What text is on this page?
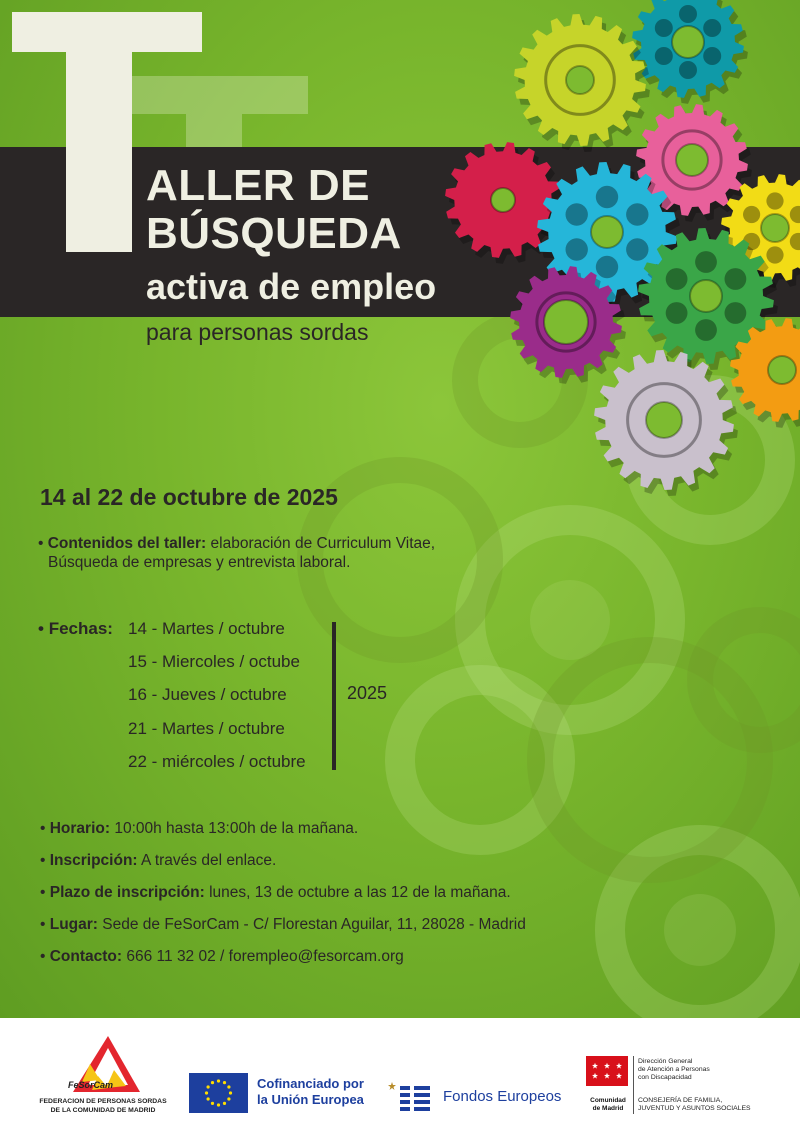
ALLER DE
BÚSQUEDA
activa de empleo
para personas sordas
14 al 22 de octubre de 2025
• Contenidos del taller: elaboración de Curriculum Vitae,
Búsqueda de empresas y entrevista laboral.
• Fechas: 14 - Martes / octubre
15 - Miercoles / octube
16 - Jueves / octubre
21 - Martes / octubre
22 - miércoles / octubre
2025
• Horario: 10:00h hasta 13:00h de la mañana.
• Inscripción: A través del enlace.
• Plazo de inscripción: lunes, 13 de octubre a las 12 de la mañana.
• Lugar: Sede de FeSorCam - C/ Florestan Aguilar, 11, 28028 - Madrid
• Contacto: 666 11 32 02 / forempleo@fesorcam.org
FeSorCam
FEDERACION DE PERSONAS SORDAS
DE LA COMUNIDAD DE MADRID
Cofinanciado por
la Unión Europea	Fondos Europeos	Comunidad
de Madrid
Dirección General
de Atención a Personas
con Discapacidad
CONSEJERÍA DE FAMILIA,
JUVENTUD Y ASUNTOS SOCIALES
